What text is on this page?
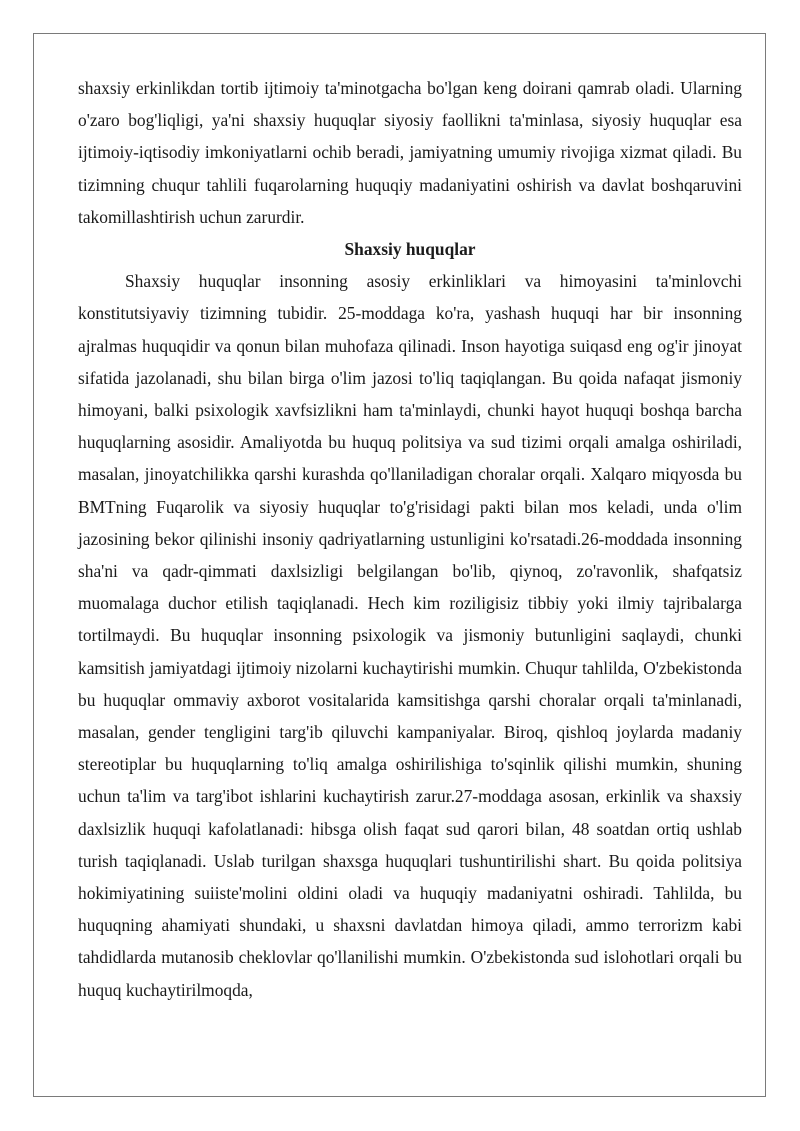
shaxsiy erkinlikdan tortib ijtimoiy ta'minotgacha bo'lgan keng doirani qamrab oladi. Ularning o'zaro bog'liqligi, ya'ni shaxsiy huquqlar siyosiy faollikni ta'minlasa, siyosiy huquqlar esa ijtimoiy-iqtisodiy imkoniyatlarni ochib beradi, jamiyatning umumiy rivojiga xizmat qiladi. Bu tizimning chuqur tahlili fuqarolarning huquqiy madaniyatini oshirish va davlat boshqaruvini takomillashtirish uchun zarurdir.

Shaxsiy huquqlar

Shaxsiy huquqlar insonning asosiy erkinliklari va himoyasini ta'minlovchi konstitutsiyaviy tizimning tubidir. 25-moddaga ko'ra, yashash huquqi har bir insonning ajralmas huquqidir va qonun bilan muhofaza qilinadi. Inson hayotiga suiqasd eng og'ir jinoyat sifatida jazolanadi, shu bilan birga o'lim jazosi to'liq taqiqlangan. Bu qoida nafaqat jismoniy himoyani, balki psixologik xavfsizlikni ham ta'minlaydi, chunki hayot huquqi boshqa barcha huquqlarning asosidir. Amaliyotda bu huquq politsiya va sud tizimi orqali amalga oshiriladi, masalan, jinoyatchilikka qarshi kurashda qo'llaniladigan choralar orqali. Xalqaro miqyosda bu BMTning Fuqarolik va siyosiy huquqlar to'g'risidagi pakti bilan mos keladi, unda o'lim jazosining bekor qilinishi insoniy qadriyatlarning ustunligini ko'rsatadi.26-moddada insonning sha'ni va qadr-qimmati daxlsizligi belgilangan bo'lib, qiynoq, zo'ravonlik, shafqatsiz muomalaga duchor etilish taqiqlanadi. Hech kim roziligisiz tibbiy yoki ilmiy tajribalarga tortilmaydi. Bu huquqlar insonning psixologik va jismoniy butunligini saqlaydi, chunki kamsitish jamiyatdagi ijtimoiy nizolarni kuchaytirishi mumkin. Chuqur tahlilda, O'zbekistonda bu huquqlar ommaviy axborot vositalarida kamsitishga qarshi choralar orqali ta'minlanadi, masalan, gender tengligini targ'ib qiluvchi kampaniyalar. Biroq, qishloq joylarda madaniy stereotiplar bu huquqlarning to'liq amalga oshirilishiga to'sqinlik qilishi mumkin, shuning uchun ta'lim va targ'ibot ishlarini kuchaytirish zarur.27-moddaga asosan, erkinlik va shaxsiy daxlsizlik huquqi kafolatlanadi: hibsga olish faqat sud qarori bilan, 48 soatdan ortiq ushlab turish taqiqlanadi. Uslab turilgan shaxsga huquqlari tushuntirilishi shart. Bu qoida politsiya hokimiyatining suiiste'molini oldini oladi va huquqiy madaniyatni oshiradi. Tahlilda, bu huquqning ahamiyati shundaki, u shaxsni davlatdan himoya qiladi, ammo terrorizm kabi tahdidlarda mutanosib cheklovlar qo'llanilishi mumkin. O'zbekistonda sud islohotlari orqali bu huquq kuchaytirilmoqda,
